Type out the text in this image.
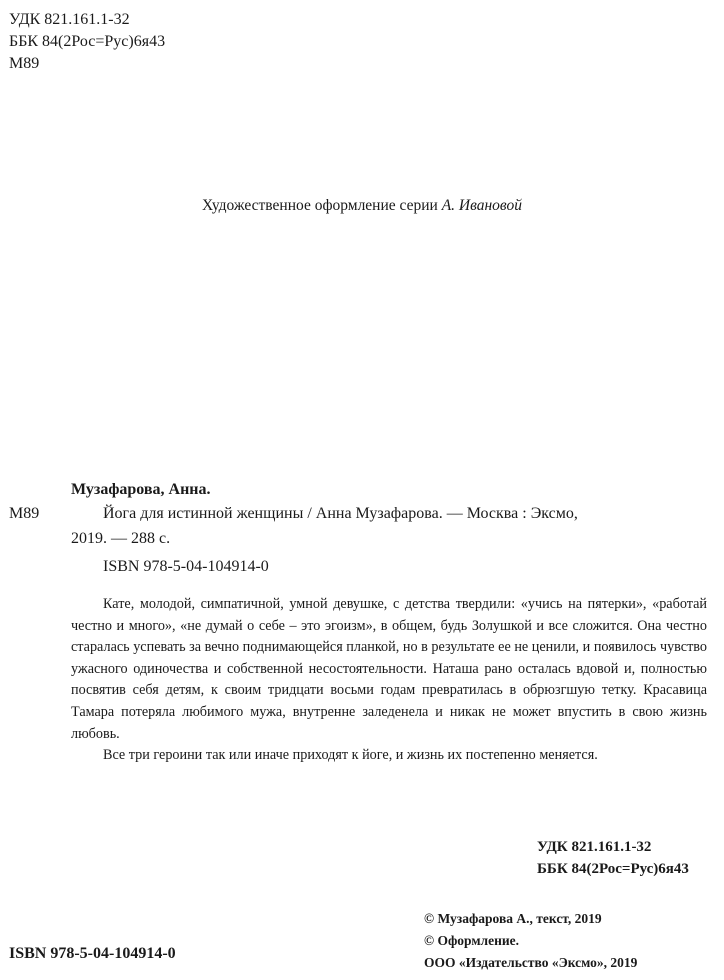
УДК 821.161.1-32
ББК 84(2Рос=Рус)6я43
М89
Художественное оформление серии А. Ивановой
Музафарова, Анна.
М89	Йога для истинной женщины / Анна Музафарова. — Москва : Эксмо,
2019. — 288 с.
ISBN 978-5-04-104914-0

Кате, молодой, симпатичной, умной девушке, с детства твердили: «учись на пятерки», «работай честно и много», «не думай о себе – это эгоизм», в общем, будь Золушкой и все сложится. Она честно старалась успевать за вечно поднимающейся планкой, но в результате ее не ценили, и появилось чувство ужасного одиночества и собственной несостоятельности. Наташа рано осталась вдовой и, полностью посвятив себя детям, к своим тридцати восьми годам превратилась в обрюзгшую тетку. Красавица Тамара потеряла любимого мужа, внутренне заледенела и никак не может впустить в свою жизнь любовь.

Все три героини так или иначе приходят к йоге, и жизнь их постепенно меняется.

УДК 821.161.1-32
ББК 84(2Рос=Рус)6я43
© Музафарова А., текст, 2019
© Оформление.
ООО «Издательство «Эксмо», 2019
ISBN 978-5-04-104914-0
